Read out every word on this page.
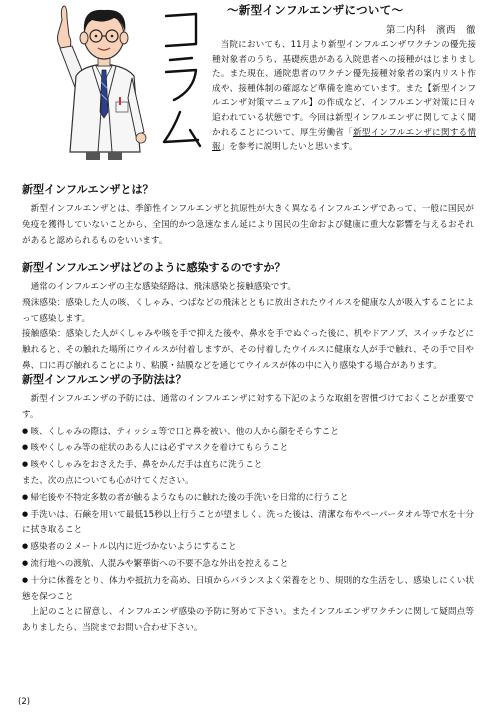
〜新型インフルエンザについて〜
第二内科　濱西　徹

当院においても、11月より新型インフルエンザワクチンの優先接種対象者のうち、基礎疾患がある入院患者への接種がはじまりました。また現在、通院患者のワクチン優先接種対象者の案内リスト作成や、接種体制の確認など準備を進めています。また【新型インフルエンザ対策マニュアル】の作成など、インフルエンザ対策に日々追われている状態です。今回は新型インフルエンザに関してよく聞かれることについて、厚生労働省「新型インフルエンザに関する情報」を参考に説明したいと思います。

新型インフルエンザとは？

新型インフルエンザとは、季節性インフルエンザと抗原性が大きく異なるインフルエンザであって、一般に国民が免疫を獲得していないことから、全国的かつ急速なまん延により国民の生命および健康に重大な影響を与えるおそれがあると認められるものをいいます。

新型インフルエンザはどのように感染するのですか？

通常のインフルエンザの主な感染経路は、飛沫感染と接触感染です。

飛沫感染：感染した人の咳、くしゃみ、つばなどの飛沫とともに放出されたウイルスを健康な人が吸入することによって感染します。

接触感染：感染した人がくしゃみや咳を手で抑えた後や、鼻水を手でぬぐった後に、机やドアノブ、スイッチなどに触れると、その触れた場所にウイルスが付着しますが、その付着したウイルスに健康な人が手で触れ、その手で目や鼻、口に再び触れることにより、粘膜・結膜などを通じてウイルスが体の中に入り感染する場合があります。

新型インフルエンザの予防法は？

新型インフルエンザの予防には、通常のインフルエンザに対する下記のような取組を習慣づけておくことが重要です。

● 咳、くしゃみの際は、ティッシュ等で口と鼻を被い、他の人から顔をそらすこと

● 咳やくしゃみ等の症状のある人には必ずマスクを着けてもらうこと

● 咳やくしゃみをおさえた手、鼻をかんだ手は直ちに洗うこと

また、次の点についても心がけてください。

● 帰宅後や不特定多数の者が触るようなものに触れた後の手洗いを日常的に行うこと

● 手洗いは、石鹸を用いて最低15秒以上行うことが望ましく、洗った後は、清潔な布やペーパータオル等で水を十分に拭き取ること

● 感染者の２メートル以内に近づかないようにすること

● 流行地への渡航、人混みや繁華街への不要不急な外出を控えること

● 十分に休養をとり、体力や抵抗力を高め、日頃からバランスよく栄養をとり、規則的な生活をし、感染しにくい状態を保つこと

上記のことに留意し、インフルエンザ感染の予防に努めて下さい。またインフルエンザワクチンに関して疑問点等ありましたら、当院までお問い合わせ下さい。

(2)
